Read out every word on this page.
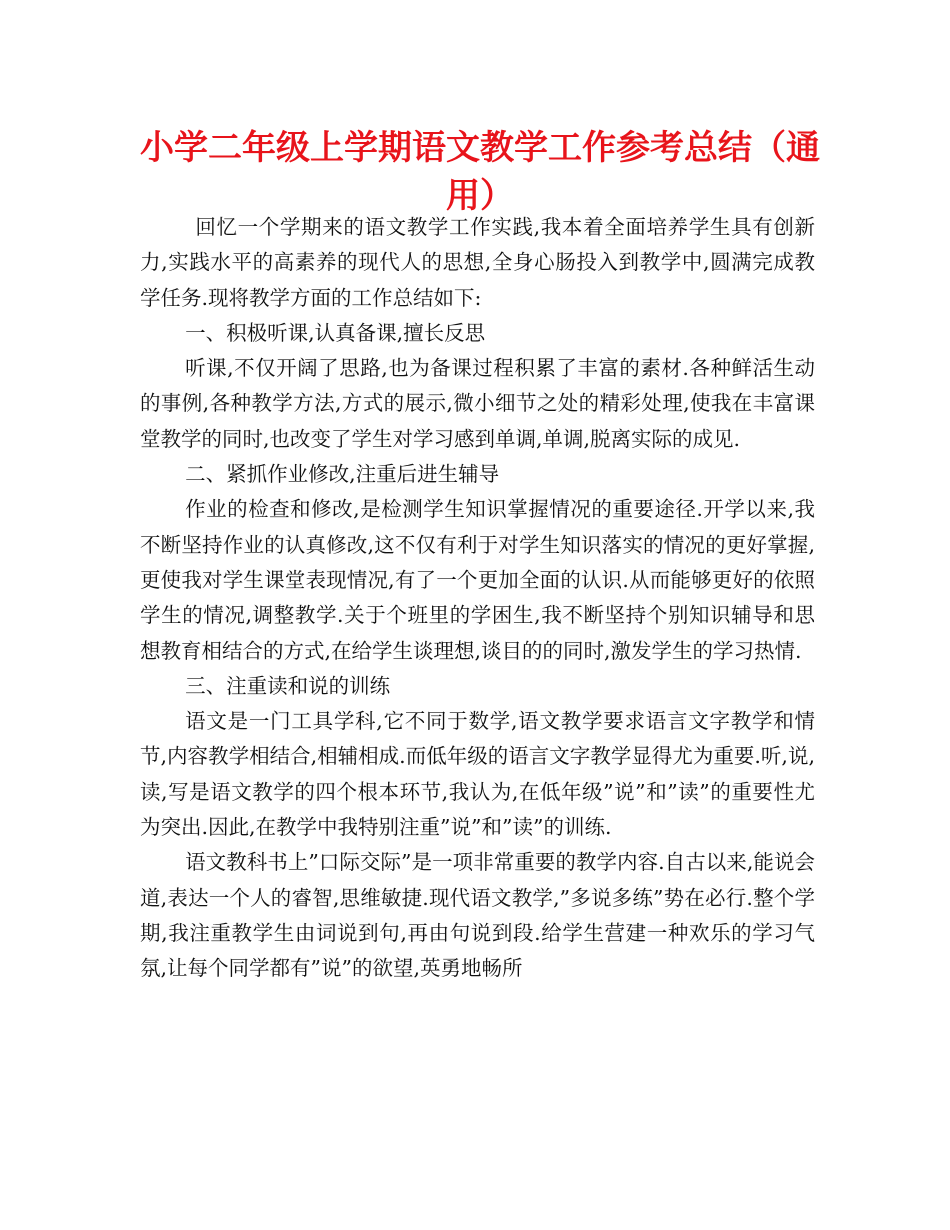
小学二年级上学期语文教学工作参考总结（通用）

回忆一个学期来的语文教学工作实践,我本着全面培养学生具有创新力,实践水平的高素养的现代人的思想,全身心肠投入到教学中,圆满完成教学任务.现将教学方面的工作总结如下:

一、积极听课,认真备课,擅长反思

听课,不仅开阔了思路,也为备课过程积累了丰富的素材.各种鲜活生动的事例,各种教学方法,方式的展示,微小细节之处的精彩处理,使我在丰富课堂教学的同时,也改变了学生对学习感到单调,单调,脱离实际的成见.

二、紧抓作业修改,注重后进生辅导

作业的检查和修改,是检测学生知识掌握情况的重要途径.开学以来,我不断坚持作业的认真修改,这不仅有利于对学生知识落实的情况的更好掌握,更使我对学生课堂表现情况,有了一个更加全面的认识.从而能够更好的依照学生的情况,调整教学.关于个班里的学困生,我不断坚持个别知识辅导和思想教育相结合的方式,在给学生谈理想,谈目的的同时,激发学生的学习热情.

三、注重读和说的训练

语文是一门工具学科,它不同于数学,语文教学要求语言文字教学和情节,内容教学相结合,相辅相成.而低年级的语言文字教学显得尤为重要.听,说,读,写是语文教学的四个根本环节,我认为,在低年级”说”和”读”的重要性尤为突出.因此,在教学中我特别注重”说”和”读”的训练.

语文教科书上”口际交际”是一项非常重要的教学内容.自古以来,能说会道,表达一个人的睿智,思维敏捷.现代语文教学,”多说多练”势在必行.整个学期,我注重教学生由词说到句,再由句说到段.给学生营建一种欢乐的学习气氛,让每个同学都有”说”的欲望,英勇地畅所
